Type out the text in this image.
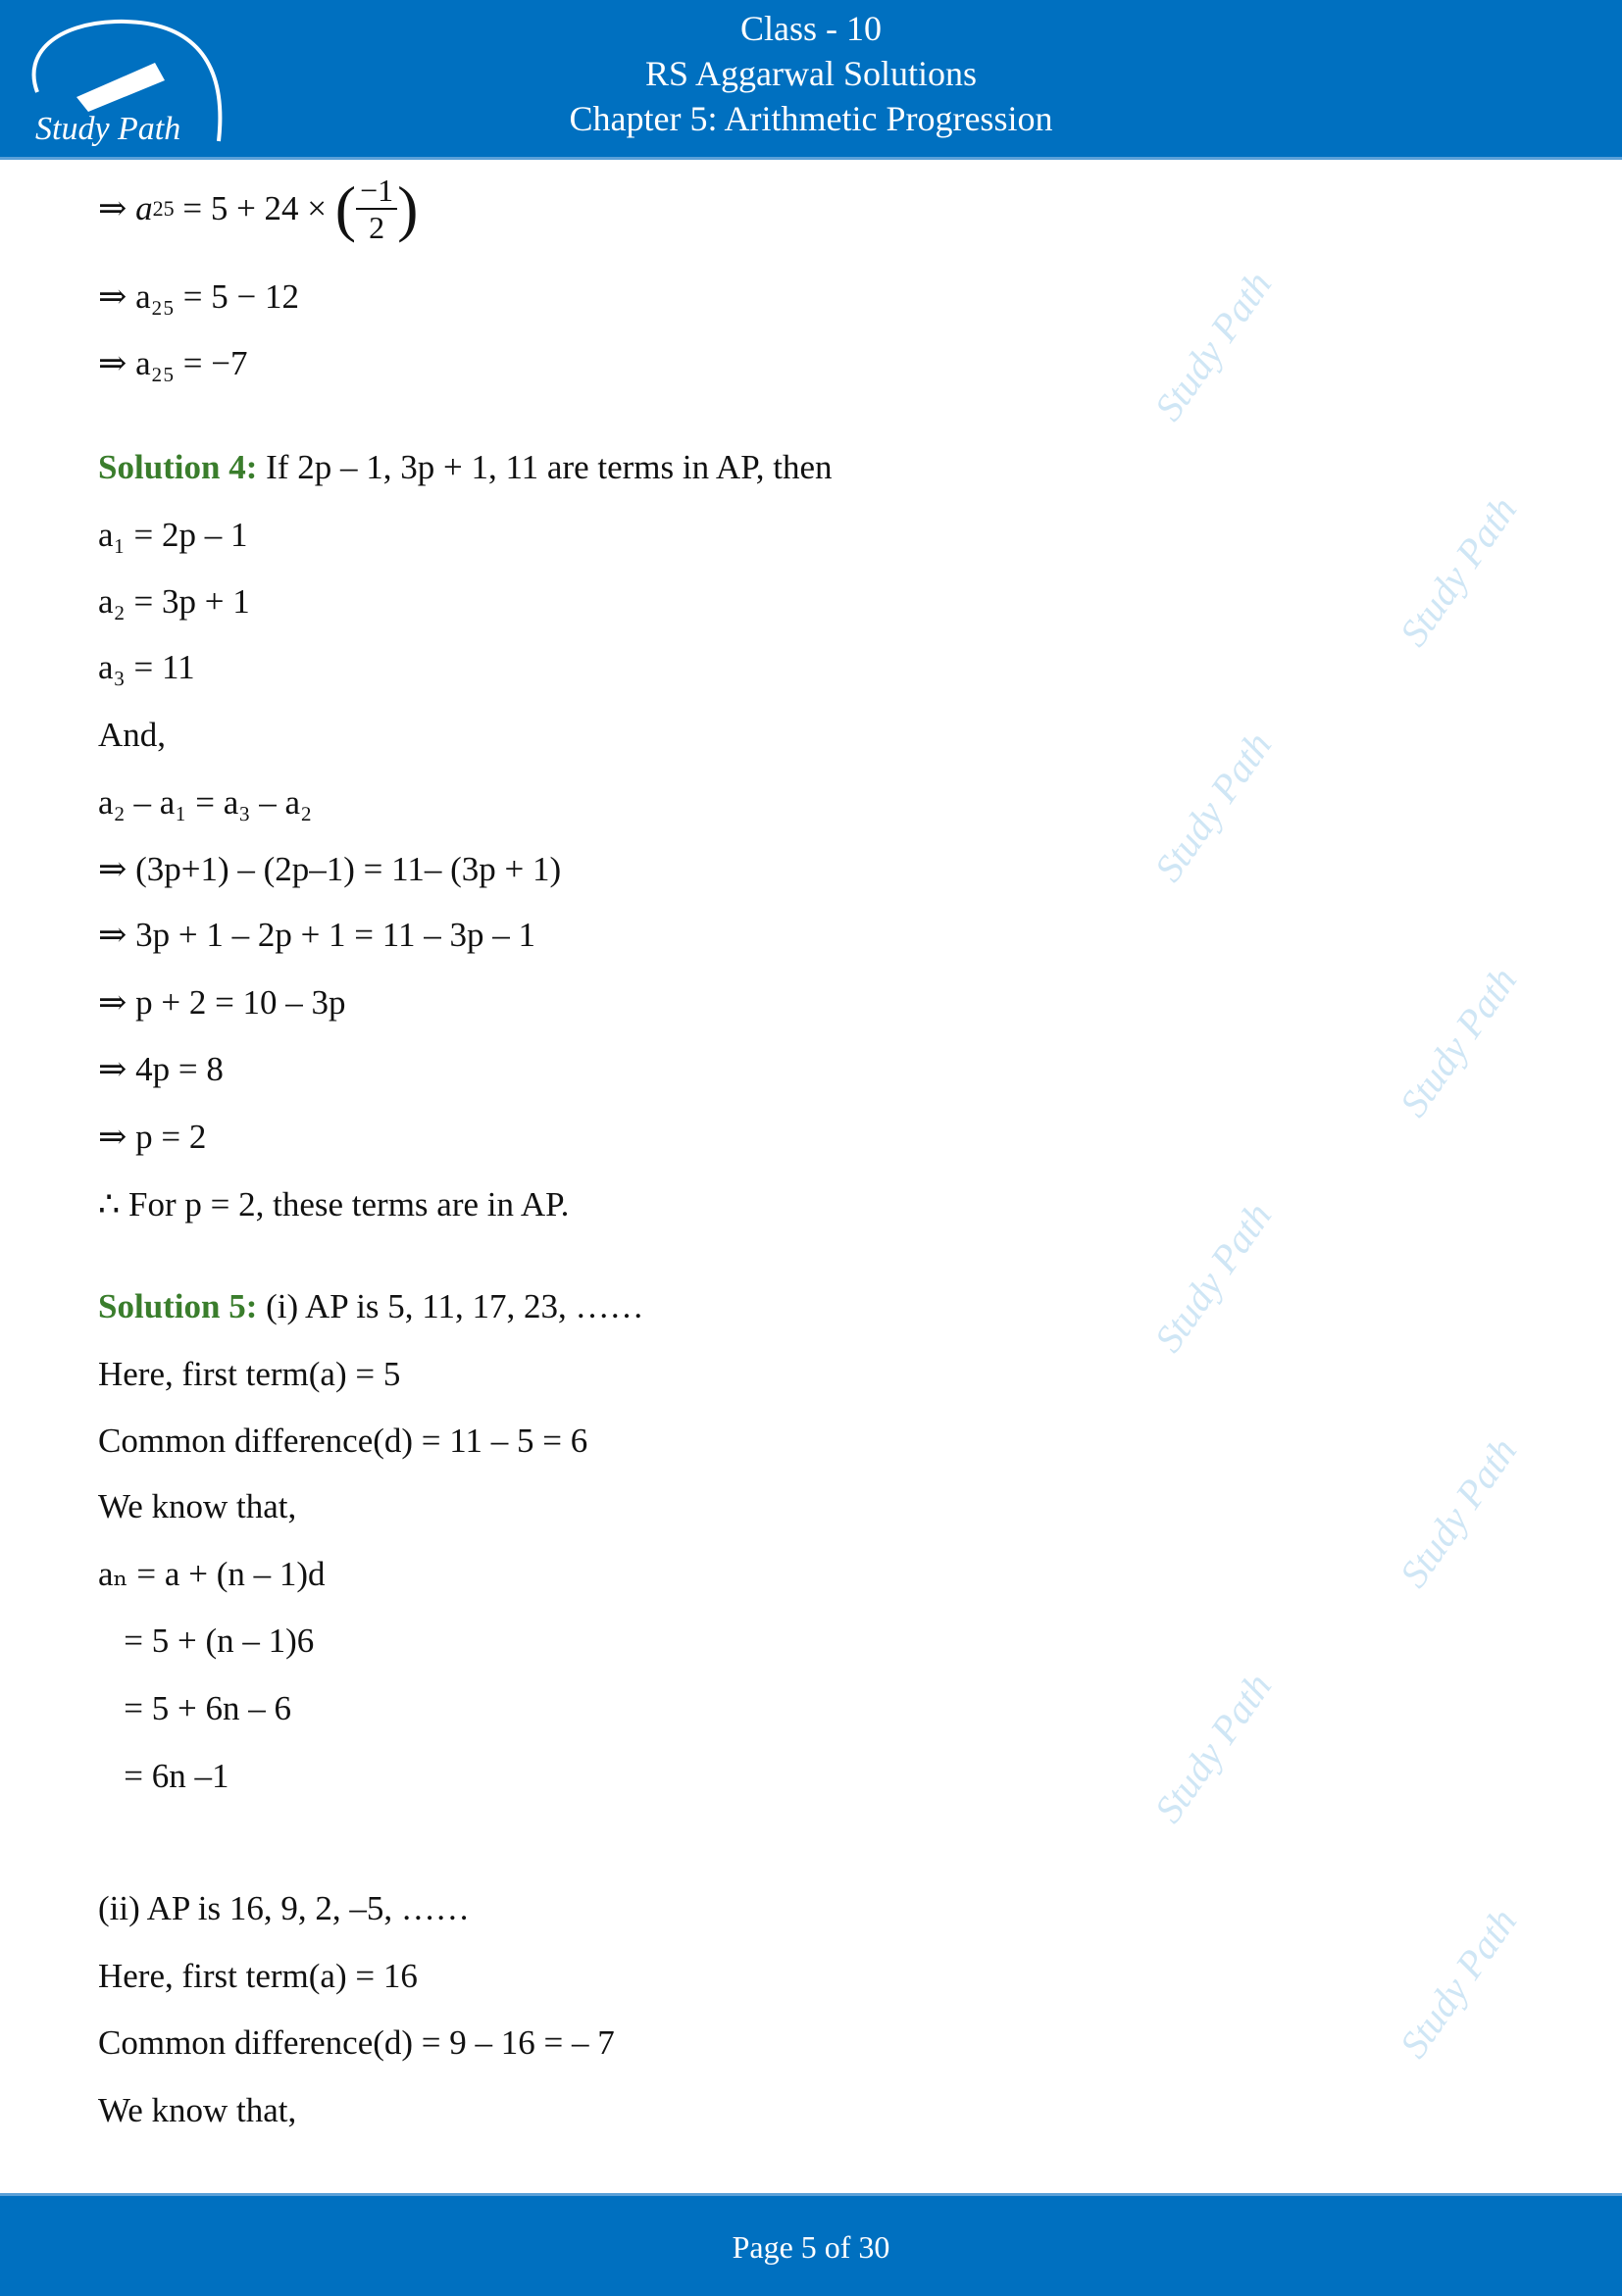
Study Path
Class - 10
RS Aggarwal Solutions
Chapter 5: Arithmetic Progression
Study Path
Study Path
Study Path
Study Path
Study Path
Study Path
Study Path
Study Path
⇒ a 25 = 5 + 24 × ( $\frac{-1}{2}$ )
⇒ a₂₅ = 5 − 12
⇒ a₂₅ = −7
Solution 4: If 2p – 1, 3p + 1, 11 are terms in AP, then
a₁ = 2p – 1
a₂ = 3p + 1
a₃ = 11
And,
a₂ – a₁ = a₃ – a₂
⇒ (3p+1) – (2p–1) = 11– (3p + 1)
⇒ 3p + 1 – 2p + 1 = 11 – 3p – 1
⇒ p + 2 = 10 – 3p
⇒ 4p = 8
⇒ p = 2
∴ For p = 2, these terms are in AP.
Solution 5: (i) AP is 5, 11, 17, 23, ……
Here, first term(a) = 5
Common difference(d) = 11 – 5 = 6
We know that,
aₙ = a + (n – 1)d
= 5 + (n – 1)6
= 5 + 6n – 6
= 6n –1
(ii) AP is 16, 9, 2, –5, ……
Here, first term(a) = 16
Common difference(d) = 9 – 16 = – 7
We know that,
Page 5 of 30
